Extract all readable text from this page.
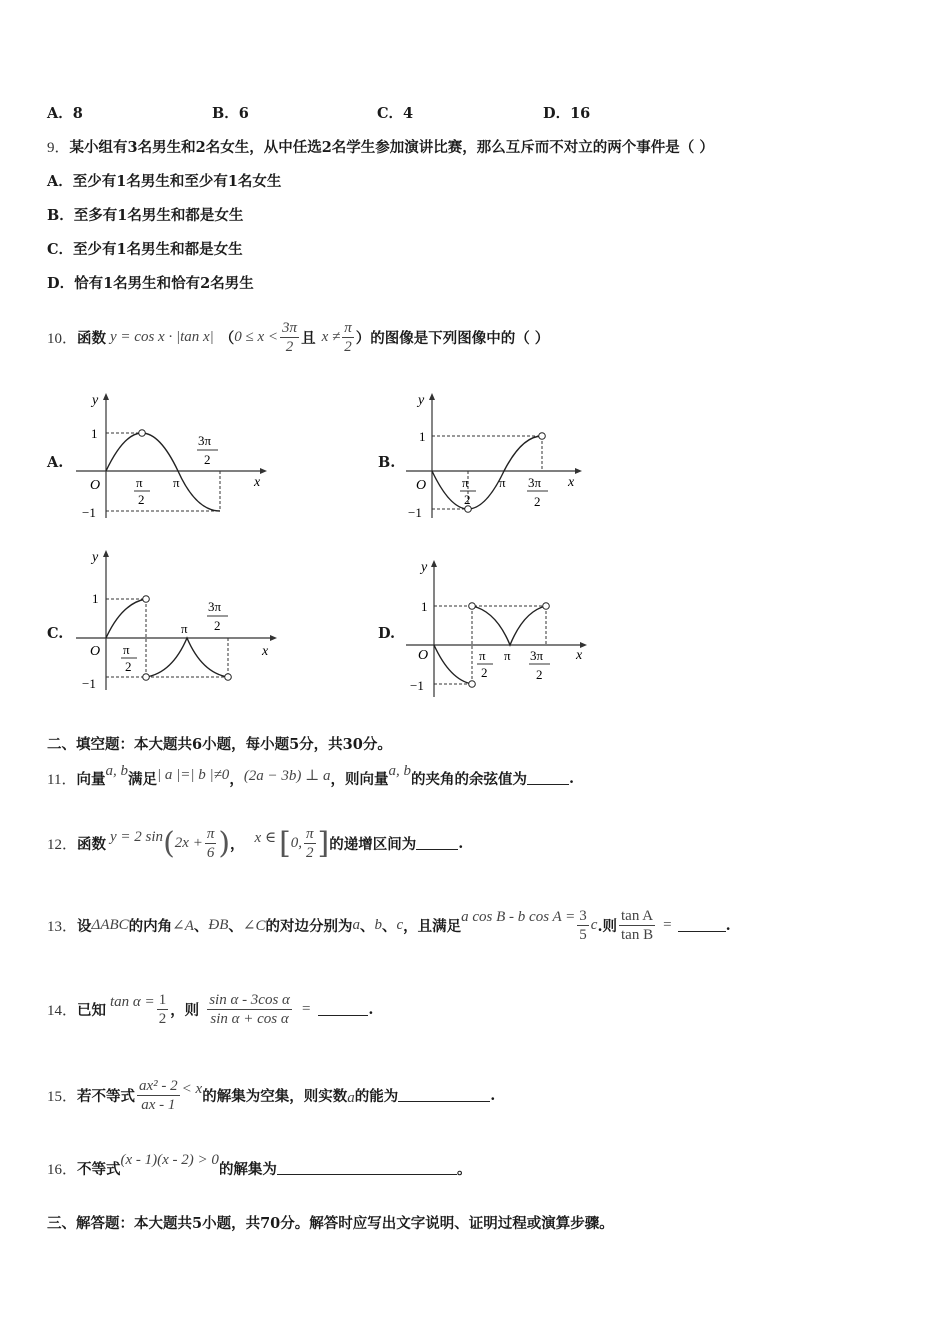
A．8	B．6	C．4	D．16
9．某小组有3名男生和2名女生，从中任选2名学生参加演讲比赛，那么互斥而不对立的两个事件是（ ）
A．至少有1名男生和至少有1名女生
B．至多有1名男生和都是女生
C．至少有1名男生和都是女生
D．恰有1名男生和恰有2名男生
10． 函数 y = cos x · |tan x| （ $0 \le x < \frac{3\pi}{2}$ 且 $x \ne \frac{\pi}{2}$ ）的图像是下列图像中的（ ）
A.	B.
C.	D.
y
x
O
1
−1
π
2
π
3π
2
y
x
O
1
−1
π
2
π 3π
2
y
x
O
1
−1
π
2
π
3π
2
y
x
O
1
−1
π
2
π 3π
2
二、填空题：本大题共6小题，每小题5分，共30分。
11． 向量 a, b 满足 | a |=| b |≠0 ， (2a − 3b) ⊥ a ，则向量 a, b 的夹角的余弦值为	.
12． 函数 y = 2 sin ( $2x + \frac{\pi}{6}$ ) ， x ∈ [ 0, $\frac{\pi}{2}$ ] 的递增区间为	.
13． 设 ΔABC 的内角 ∠A 、 ÐB 、 ∠C 的对边分别为 a 、 b 、 c ，且满足
a cos B - b $\cos A = \frac{3}{5}$ c .则 $\frac{\text{tan A}}{\text{tan B}}$ =	.
14． 已知 $\tan \alpha = \frac{1}{2}$ ，则 $\frac{\text{sin α - 3cos α}}{\text{sin α + cos α}}$ =	.
15． 若不等式 $\frac{\text{ax² - 2}}{ax - 1} < x$ 的解集为空集，则实数 a 的能为	.
16． 不等式
(x - 1)(x - 2) > 0
的解集为	。
三、解答题：本大题共5小题，共70分。解答时应写出文字说明、证明过程或演算步骤。
